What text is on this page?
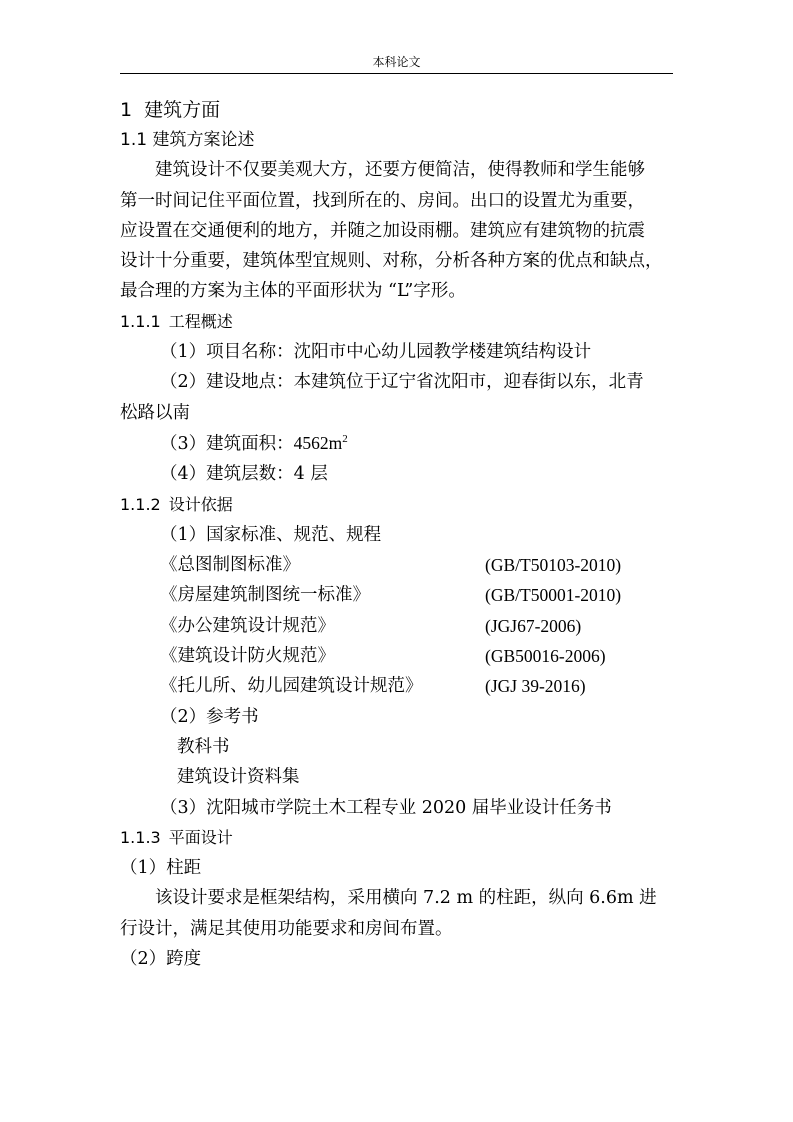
本科论文
1 建筑方面
1.1 建筑方案论述
建筑设计不仅要美观大方，还要方便简洁，使得教师和学生能够
第一时间记住平面位置，找到所在的、房间。出口的设置尤为重要，
应设置在交通便利的地方，并随之加设雨棚。建筑应有建筑物的抗震
设计十分重要，建筑体型宜规则、对称，分析各种方案的优点和缺点，
最合理的方案为主体的平面形状为 “L”字形。
1.1.1 工程概述
（1）项目名称：沈阳市中心幼儿园教学楼建筑结构设计
（2）建设地点：本建筑位于辽宁省沈阳市，迎春街以东，北青
松路以南
（3）建筑面积：$4562m^2$
（4）建筑层数：4 层
1.1.2 设计依据
（1）国家标准、规范、规程
《总图制图标准》	(GB/T50103-2010)
《房屋建筑制图统一标准》	(GB/T50001-2010)
《办公建筑设计规范》	(JGJ67-2006)
《建筑设计防火规范》	(GB50016-2006)
《托儿所、幼儿园建筑设计规范》	(JGJ 39-2016)
（2）参考书
教科书
建筑设计资料集
（3）沈阳城市学院土木工程专业 2020 届毕业设计任务书
1.1.3 平面设计
（1）柱距
该设计要求是框架结构，采用横向 7.2 m 的柱距，纵向 6.6m 进
行设计，满足其使用功能要求和房间布置。
（2）跨度
